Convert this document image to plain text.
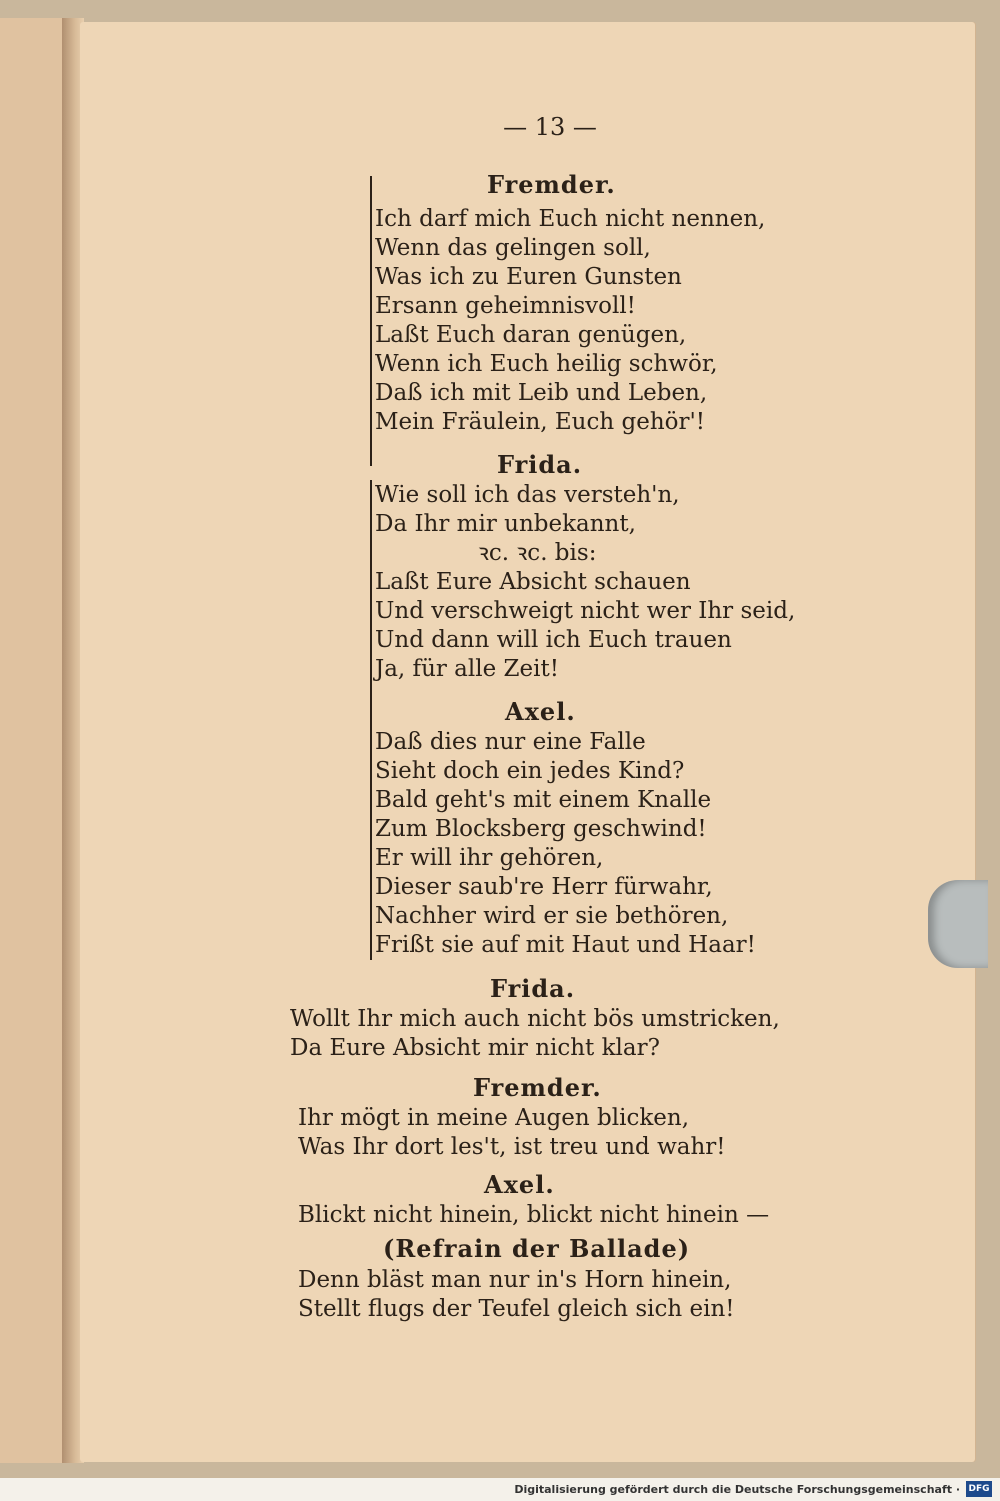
— 13 —
Fremder.
Ich darf mich Euch nicht nennen,
Wenn das gelingen soll,
Was ich zu Euren Gunsten
Ersann geheimnisvoll!
Laßt Euch daran genügen,
Wenn ich Euch heilig schwör,
Daß ich mit Leib und Leben,
Mein Fräulein, Euch gehör'!
Frida.
Wie soll ich das versteh'n,
Da Ihr mir unbekannt,
ꝛc. ꝛc. bis:
Laßt Eure Absicht schauen
Und verschweigt nicht wer Ihr seid,
Und dann will ich Euch trauen
Ja, für alle Zeit!
Axel.
Daß dies nur eine Falle
Sieht doch ein jedes Kind?
Bald geht's mit einem Knalle
Zum Blocksberg geschwind!
Er will ihr gehören,
Dieser saub're Herr fürwahr,
Nachher wird er sie bethören,
Frißt sie auf mit Haut und Haar!
Frida.
Wollt Ihr mich auch nicht bös umstricken,
Da Eure Absicht mir nicht klar?
Fremder.
Ihr mögt in meine Augen blicken,
Was Ihr dort les't, ist treu und wahr!
Axel.
Blickt nicht hinein, blickt nicht hinein —
(Refrain der Ballade)
Denn bläst man nur in's Horn hinein,
Stellt flugs der Teufel gleich sich ein!
Digitalisierung gefördert durch die Deutsche Forschungsgemeinschaft · DFG
